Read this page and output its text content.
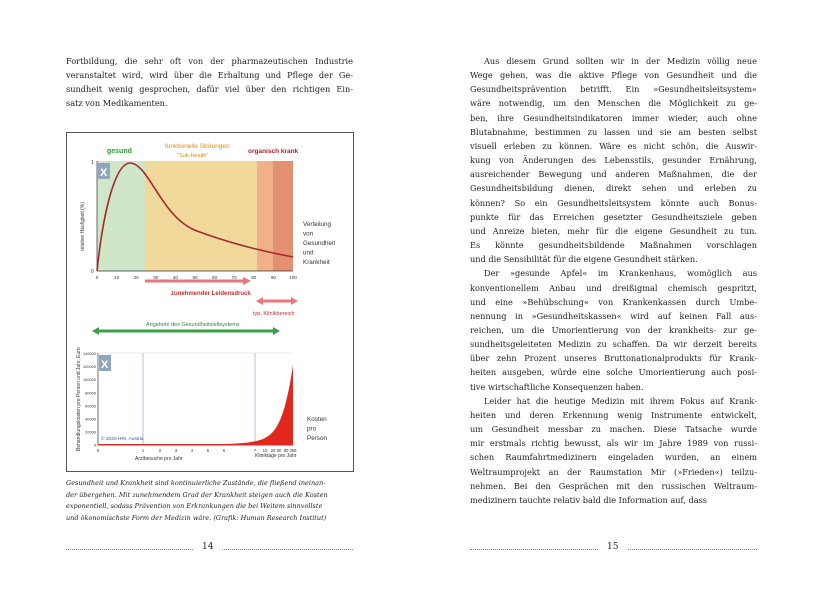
Fortbildung, die sehr oft von der pharmazeutischen Industrie
veranstaltet wird, wird über die Erhaltung und Pflege der Ge-
sundheit wenig gesprochen, dafür viel über den richtigen Ein-
satz von Medikamenten.
gesund
funktionelle Störungen
"Sub-Health"
organisch krank
X
1
0
relative Häufigkeit (%)
0	10	20	30	40	50	60	70	80	90	100
Verteilung
von
Gesundheit
und
Krankheit
zunehmender Leidensdruck
typ. Klinikbereich
Angebote des Gesundheitsleitsystems
Behandlungskosten pro Person und Jahr, Euro 140000
120000
100000
80000
60000
40000
20000
0
X
© 2020 HRI, Austria
0	1	2	3	4	5	6	7 10 20 30 90 365
Arztbesuche pro Jahr	Kliniktage pro Jahr
Kosten
pro
Person
Gesundheit und Krankheit sind kontinuierliche Zustände, die fließend ineinan-
der übergehen. Mit zunehmendem Grad der Krankheit steigen auch die Kosten
exponentiell, sodass Prävention von Erkrankungen die bei Weitem sinnvollste
und ökonomischste Form der Medizin wäre. (Grafik: Human Research Institut)
14
Aus diesem Grund sollten wir in der Medizin völlig neue
Wege gehen, was die aktive Pflege von Gesundheit und die
Gesundheitsprävention betrifft. Ein »Gesundheitsleitsystem«
wäre notwendig, um den Menschen die Möglichkeit zu ge-
ben, ihre Gesundheitsindikatoren immer wieder, auch ohne
Blutabnahme, bestimmen zu lassen und sie am besten selbst
visuell erleben zu können. Wäre es nicht schön, die Auswir-
kung von Änderungen des Lebensstils, gesunder Ernährung,
ausreichender Bewegung und anderen Maßnahmen, die der
Gesundheitsbildung dienen, direkt sehen und erleben zu
können? So ein Gesundheitsleitsystem könnte auch Bonus-
punkte für das Erreichen gesetzter Gesundheitsziele geben
und Anreize bieten, mehr für die eigene Gesundheit zu tun.
Es könnte gesundheitsbildende Maßnahmen vorschlagen
und die Sensibilität für die eigene Gesundheit stärken.
Der »gesunde Apfel« im Krankenhaus, womöglich aus
konventionellem Anbau und dreißigmal chemisch gespritzt,
und eine »Behübschung« von Krankenkassen durch Umbe-
nennung in »Gesundheitskassen« wird auf keinen Fall aus-
reichen, um die Umorientierung von der krankheits- zur ge-
sundheitsgeleiteten Medizin zu schaffen. Da wir derzeit bereits
über zehn Prozent unseres Bruttonationalprodukts für Krank-
heiten ausgeben, würde eine solche Umorientierung auch posi-
tive wirtschaftliche Konsequenzen haben.
Leider hat die heutige Medizin mit ihrem Fokus auf Krank-
heiten und deren Erkennung wenig Instrumente entwickelt,
um Gesundheit messbar zu machen. Diese Tatsache wurde
mir erstmals richtig bewusst, als wir im Jahre 1989 von russi-
schen Raumfahrtmedizinern eingeladen wurden, an einem
Weltraumprojekt an der Raumstation Mir (»Frieden«) teilzu-
nehmen. Bei den Gesprächen mit den russischen Weltraum-
medizinern tauchte relativ bald die Information auf, dass
15
